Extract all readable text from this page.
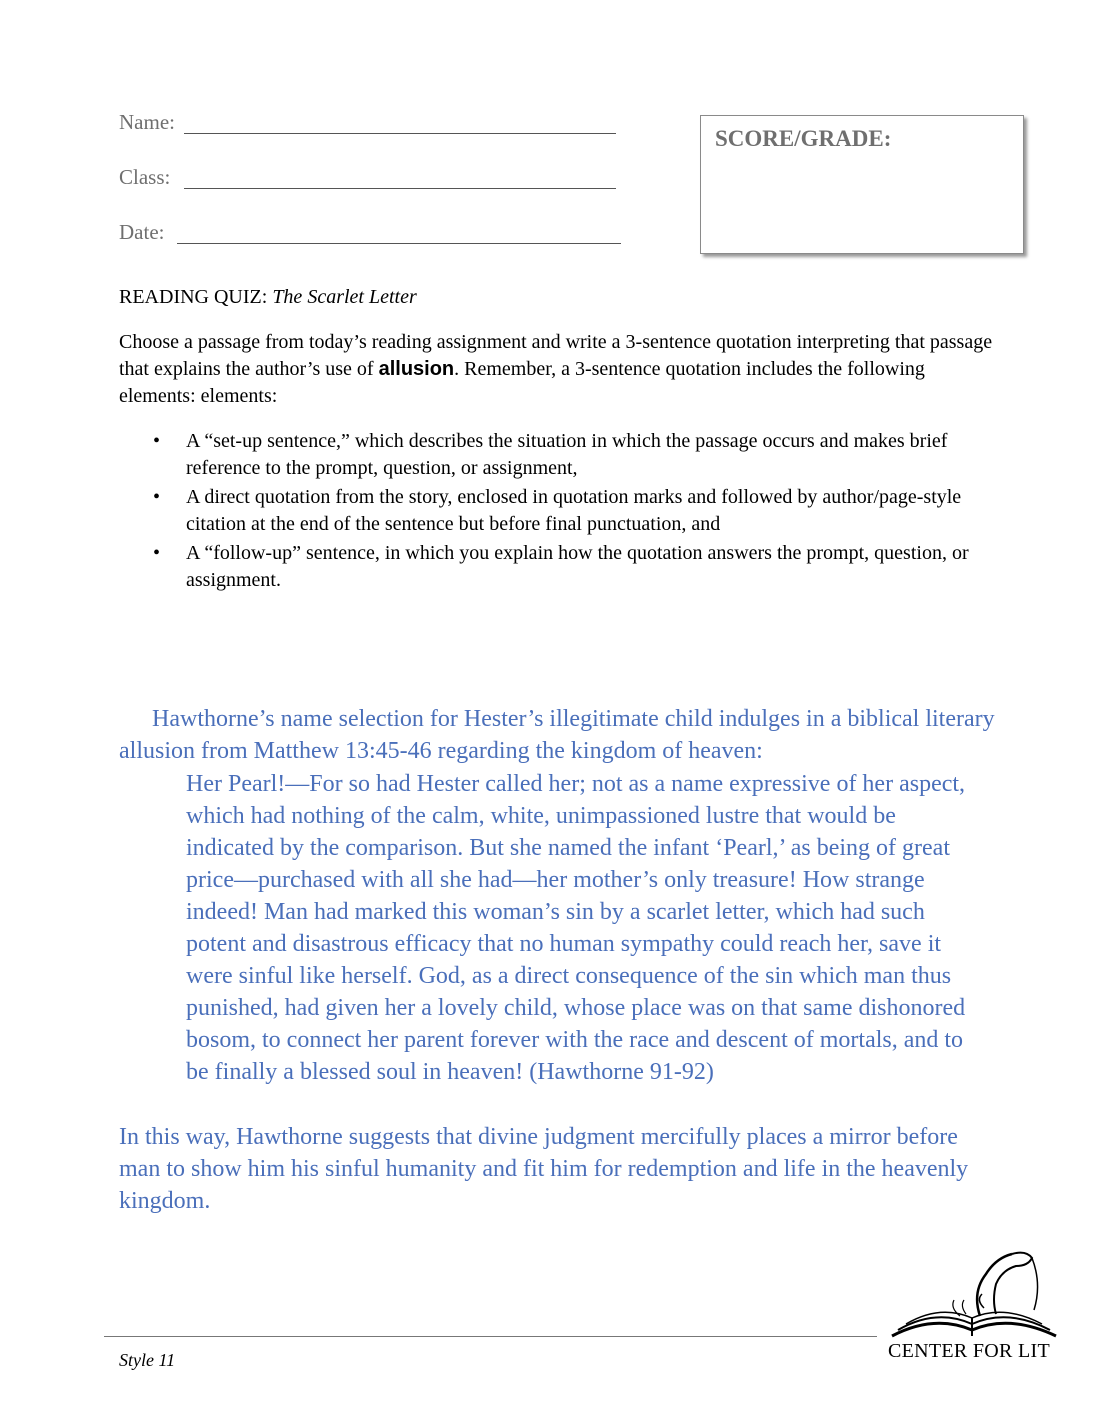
Name:
Class:
Date:
SCORE/GRADE:
READING QUIZ: The Scarlet Letter
Choose a passage from today’s reading assignment and write a 3-sentence quotation interpreting that passage that explains the author’s use of allusion. Remember, a 3-sentence quotation includes the following elements: elements:
• A “set-up sentence,” which describes the situation in which the passage occurs and makes brief reference to the prompt, question, or assignment,
• A direct quotation from the story, enclosed in quotation marks and followed by author/page-style citation at the end of the sentence but before final punctuation, and
• A “follow-up” sentence, in which you explain how the quotation answers the prompt, question, or assignment.
Hawthorne’s name selection for Hester’s illegitimate child indulges in a biblical literary allusion from Matthew 13:45-46 regarding the kingdom of heaven:
Her Pearl!—For so had Hester called her; not as a name expressive of her aspect, which had nothing of the calm, white, unimpassioned lustre that would be indicated by the comparison. But she named the infant ‘Pearl,’ as being of great price—purchased with all she had—her mother’s only treasure! How strange indeed! Man had marked this woman’s sin by a scarlet letter, which had such potent and disastrous efficacy that no human sympathy could reach her, save it were sinful like herself. God, as a direct consequence of the sin which man thus punished, had given her a lovely child, whose place was on that same dishonored bosom, to connect her parent forever with the race and descent of mortals, and to be finally a blessed soul in heaven! (Hawthorne 91-92)
In this way, Hawthorne suggests that divine judgment mercifully places a mirror before man to show him his sinful humanity and fit him for redemption and life in the heavenly kingdom.
Style 11	CENTER FOR LIT
